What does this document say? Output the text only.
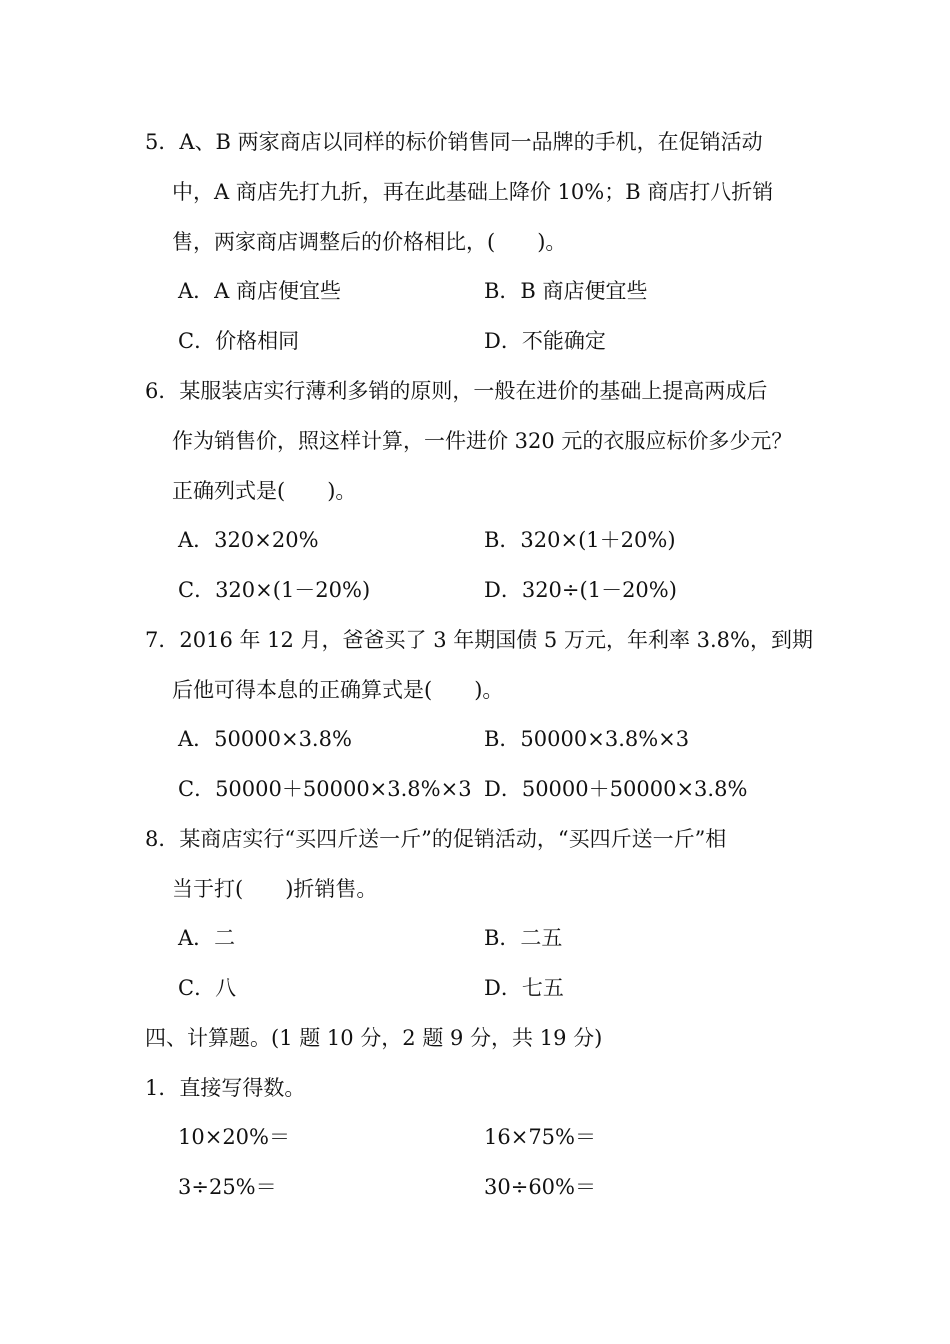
5．A、B 两家商店以同样的标价销售同一品牌的手机，在促销活动
中，A 商店先打九折，再在此基础上降价 10%；B 商店打八折销
售，两家商店调整后的价格相比，(　　)。
A．A 商店便宜些	B．B 商店便宜些
C．价格相同	D．不能确定
6．某服装店实行薄利多销的原则，一般在进价的基础上提高两成后
作为销售价，照这样计算，一件进价 320 元的衣服应标价多少元？
正确列式是(　　)。
A．320×20%	B．320×(1＋20%)
C．320×(1－20%)	D．320÷(1－20%)
7．2016 年 12 月，爸爸买了 3 年期国债 5 万元，年利率 3.8%，到期
后他可得本息的正确算式是(　　)。
A．50000×3.8%	B．50000×3.8%×3
C．50000＋50000×3.8%×3 D．50000＋50000×3.8%
8．某商店实行“买四斤送一斤”的促销活动，“买四斤送一斤”相
当于打(　　)折销售。
A．二	B．二五
C．八	D．七五
四、计算题。(1 题 10 分，2 题 9 分，共 19 分)
1．直接写得数。
10×20%＝	16×75%＝
3÷25%＝	30÷60%＝
